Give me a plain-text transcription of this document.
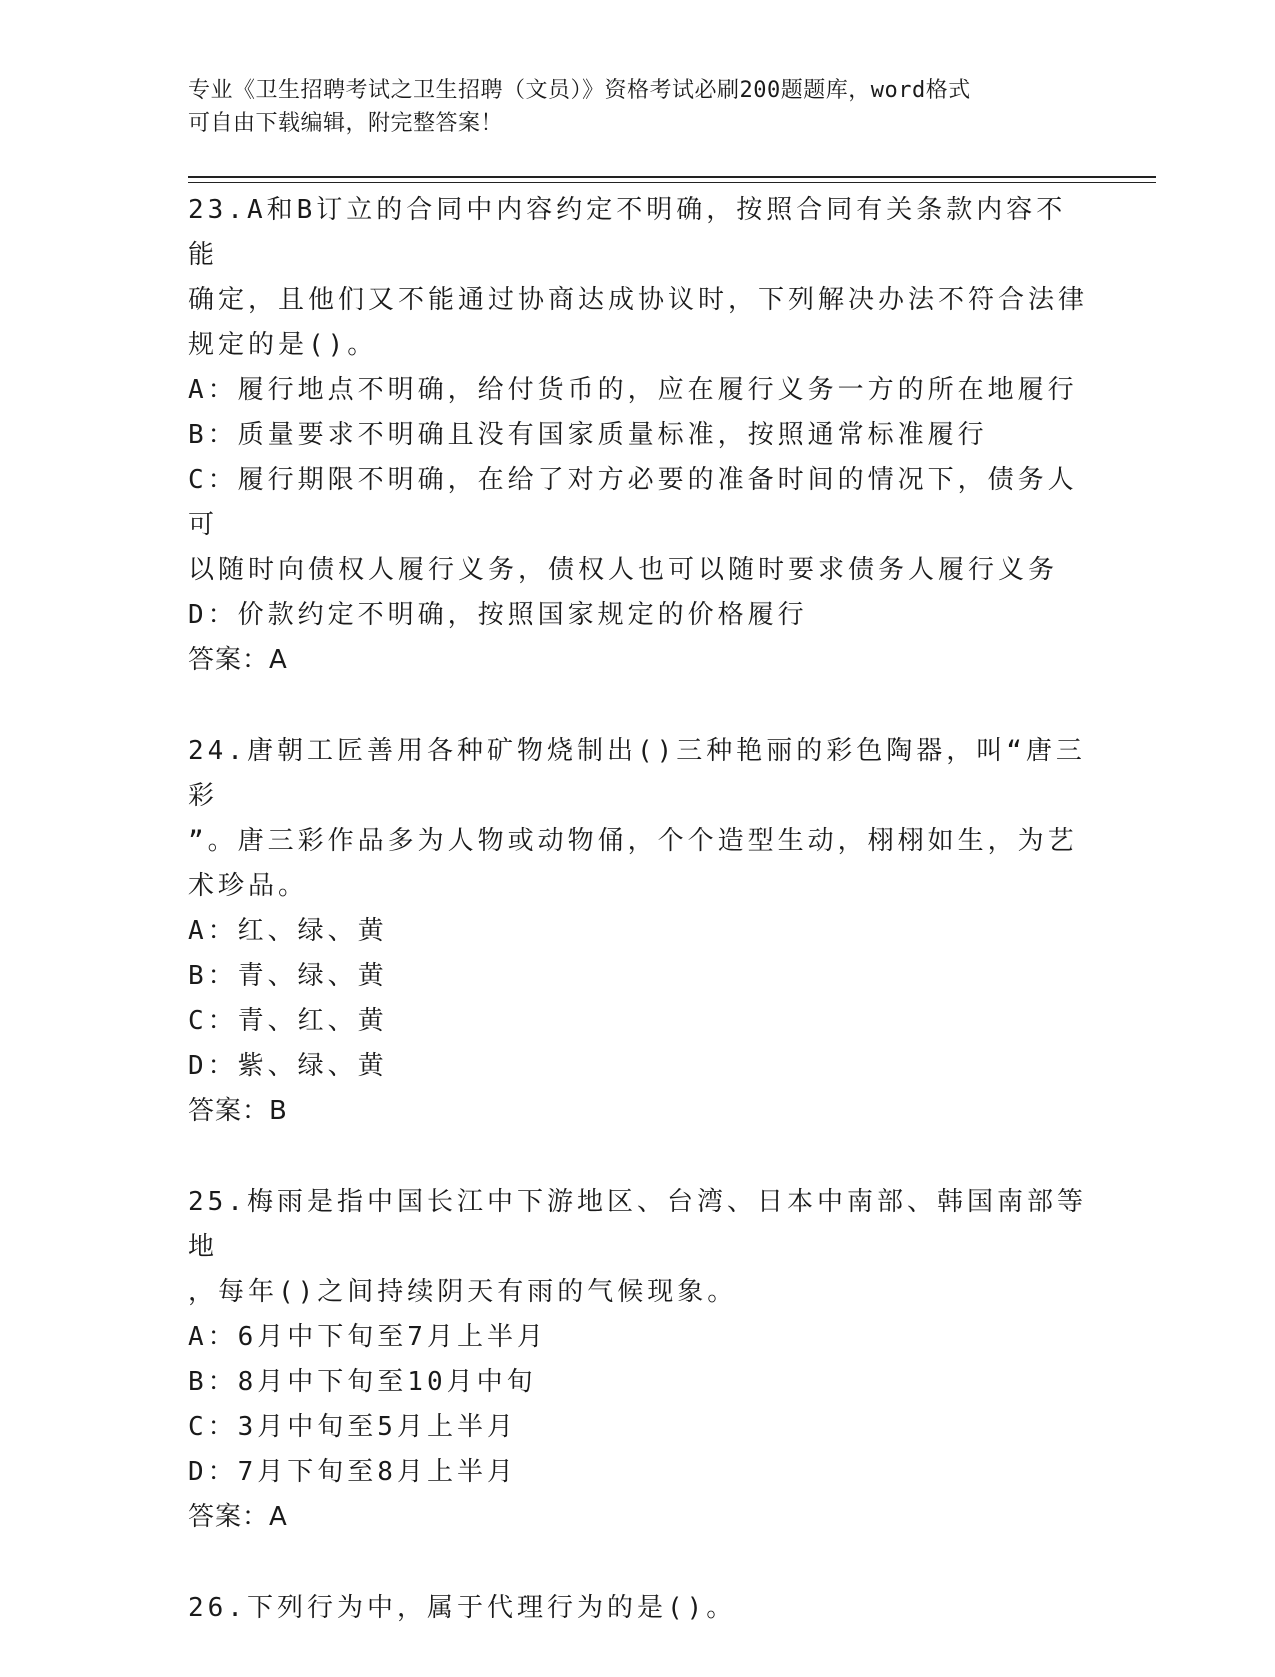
专业《卫生招聘考试之卫生招聘（文员）》资格考试必刷200题题库，word格式
可自由下载编辑，附完整答案！
23.A和B订立的合同中内容约定不明确，按照合同有关条款内容不能
确定，且他们又不能通过协商达成协议时，下列解决办法不符合法律
规定的是()。
A：履行地点不明确，给付货币的，应在履行义务一方的所在地履行
B：质量要求不明确且没有国家质量标准，按照通常标准履行
C：履行期限不明确，在给了对方必要的准备时间的情况下，债务人可
以随时向债权人履行义务，债权人也可以随时要求债务人履行义务
D：价款约定不明确，按照国家规定的价格履行
答案：A
24.唐朝工匠善用各种矿物烧制出()三种艳丽的彩色陶器，叫“唐三彩
”。唐三彩作品多为人物或动物俑，个个造型生动，栩栩如生，为艺
术珍品。
A：红、绿、黄
B：青、绿、黄
C：青、红、黄
D：紫、绿、黄
答案：B
25.梅雨是指中国长江中下游地区、台湾、日本中南部、韩国南部等地
，每年()之间持续阴天有雨的气候现象。
A：6月中下旬至7月上半月
B：8月中下旬至10月中旬
C：3月中旬至5月上半月
D：7月下旬至8月上半月
答案：A
26.下列行为中，属于代理行为的是()。
